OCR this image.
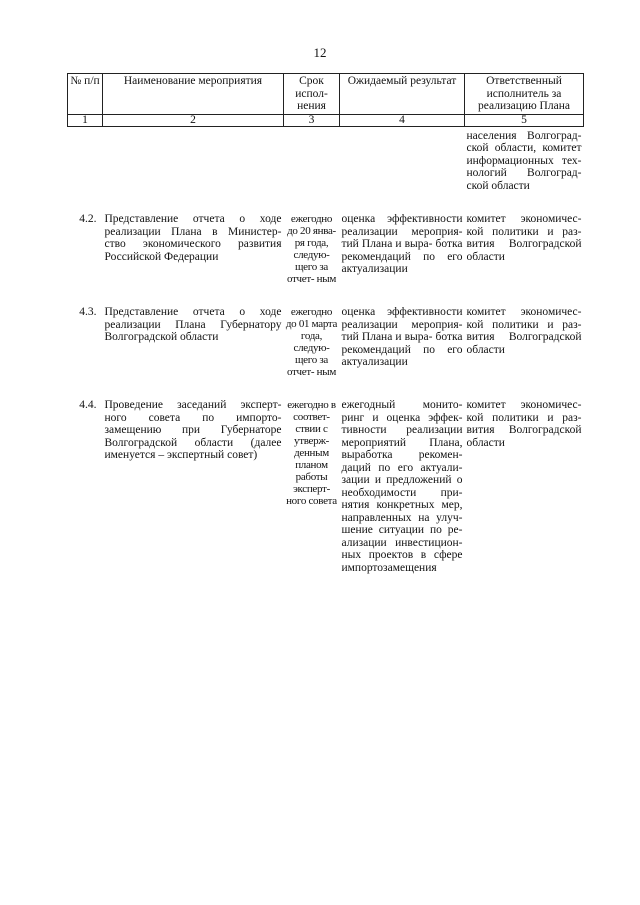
12
№ п/п	Наименование мероприятия	Срок испол- нения	Ожидаемый результат	Ответственный исполнитель за реализацию Плана
1	2	3	4	5
				населения Волгоград- ской области, комитет информационных тех- нологий Волгоград- ской области

4.2.	Представление отчета о ходе реализации Плана в Министер- ство экономического развития Российской Федерации	ежегодно до 20 янва- ря года, следую- щего за отчет- ным	оценка эффективности реализации мероприя- тий Плана и выра- ботка рекомендаций по его актуализации	комитет экономичес- кой политики и раз- вития Волгоградской области

4.3.	Представление отчета о ходе реализации Плана Губернатору Волгоградской области	ежегодно до 01 марта года, следую- щего за отчет- ным	оценка эффективности реализации мероприя- тий Плана и выра- ботка рекомендаций по его актуализации	комитет экономичес- кой политики и раз- вития Волгоградской области

4.4.	Проведение заседаний эксперт- ного совета по импорто- замещению при Губернаторе Волгоградской области (далее именуется – экспертный совет)	ежегодно в соответ- ствии с утверж- денным планом работы эксперт- ного совета	ежегодный монито- ринг и оценка эффек- тивности реализации мероприятий Плана, выработка рекомен- даций по его актуали- зации и предложений о необходимости при- нятия конкретных мер, направленных на улуч- шение ситуации по ре- ализации инвестицион- ных проектов в сфере импортозамещения	комитет экономичес- кой политики и раз- вития Волгоградской области
